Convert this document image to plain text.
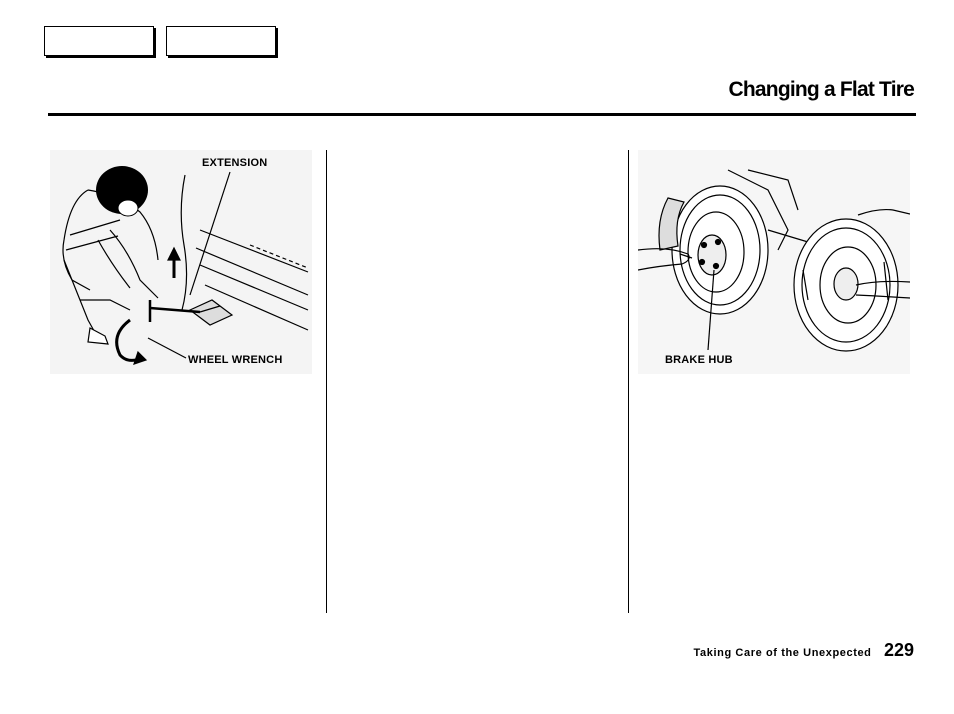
Changing a Flat Tire
EXTENSION
WHEEL WRENCH	BRAKE HUB
Taking Care of the Unexpected 229
